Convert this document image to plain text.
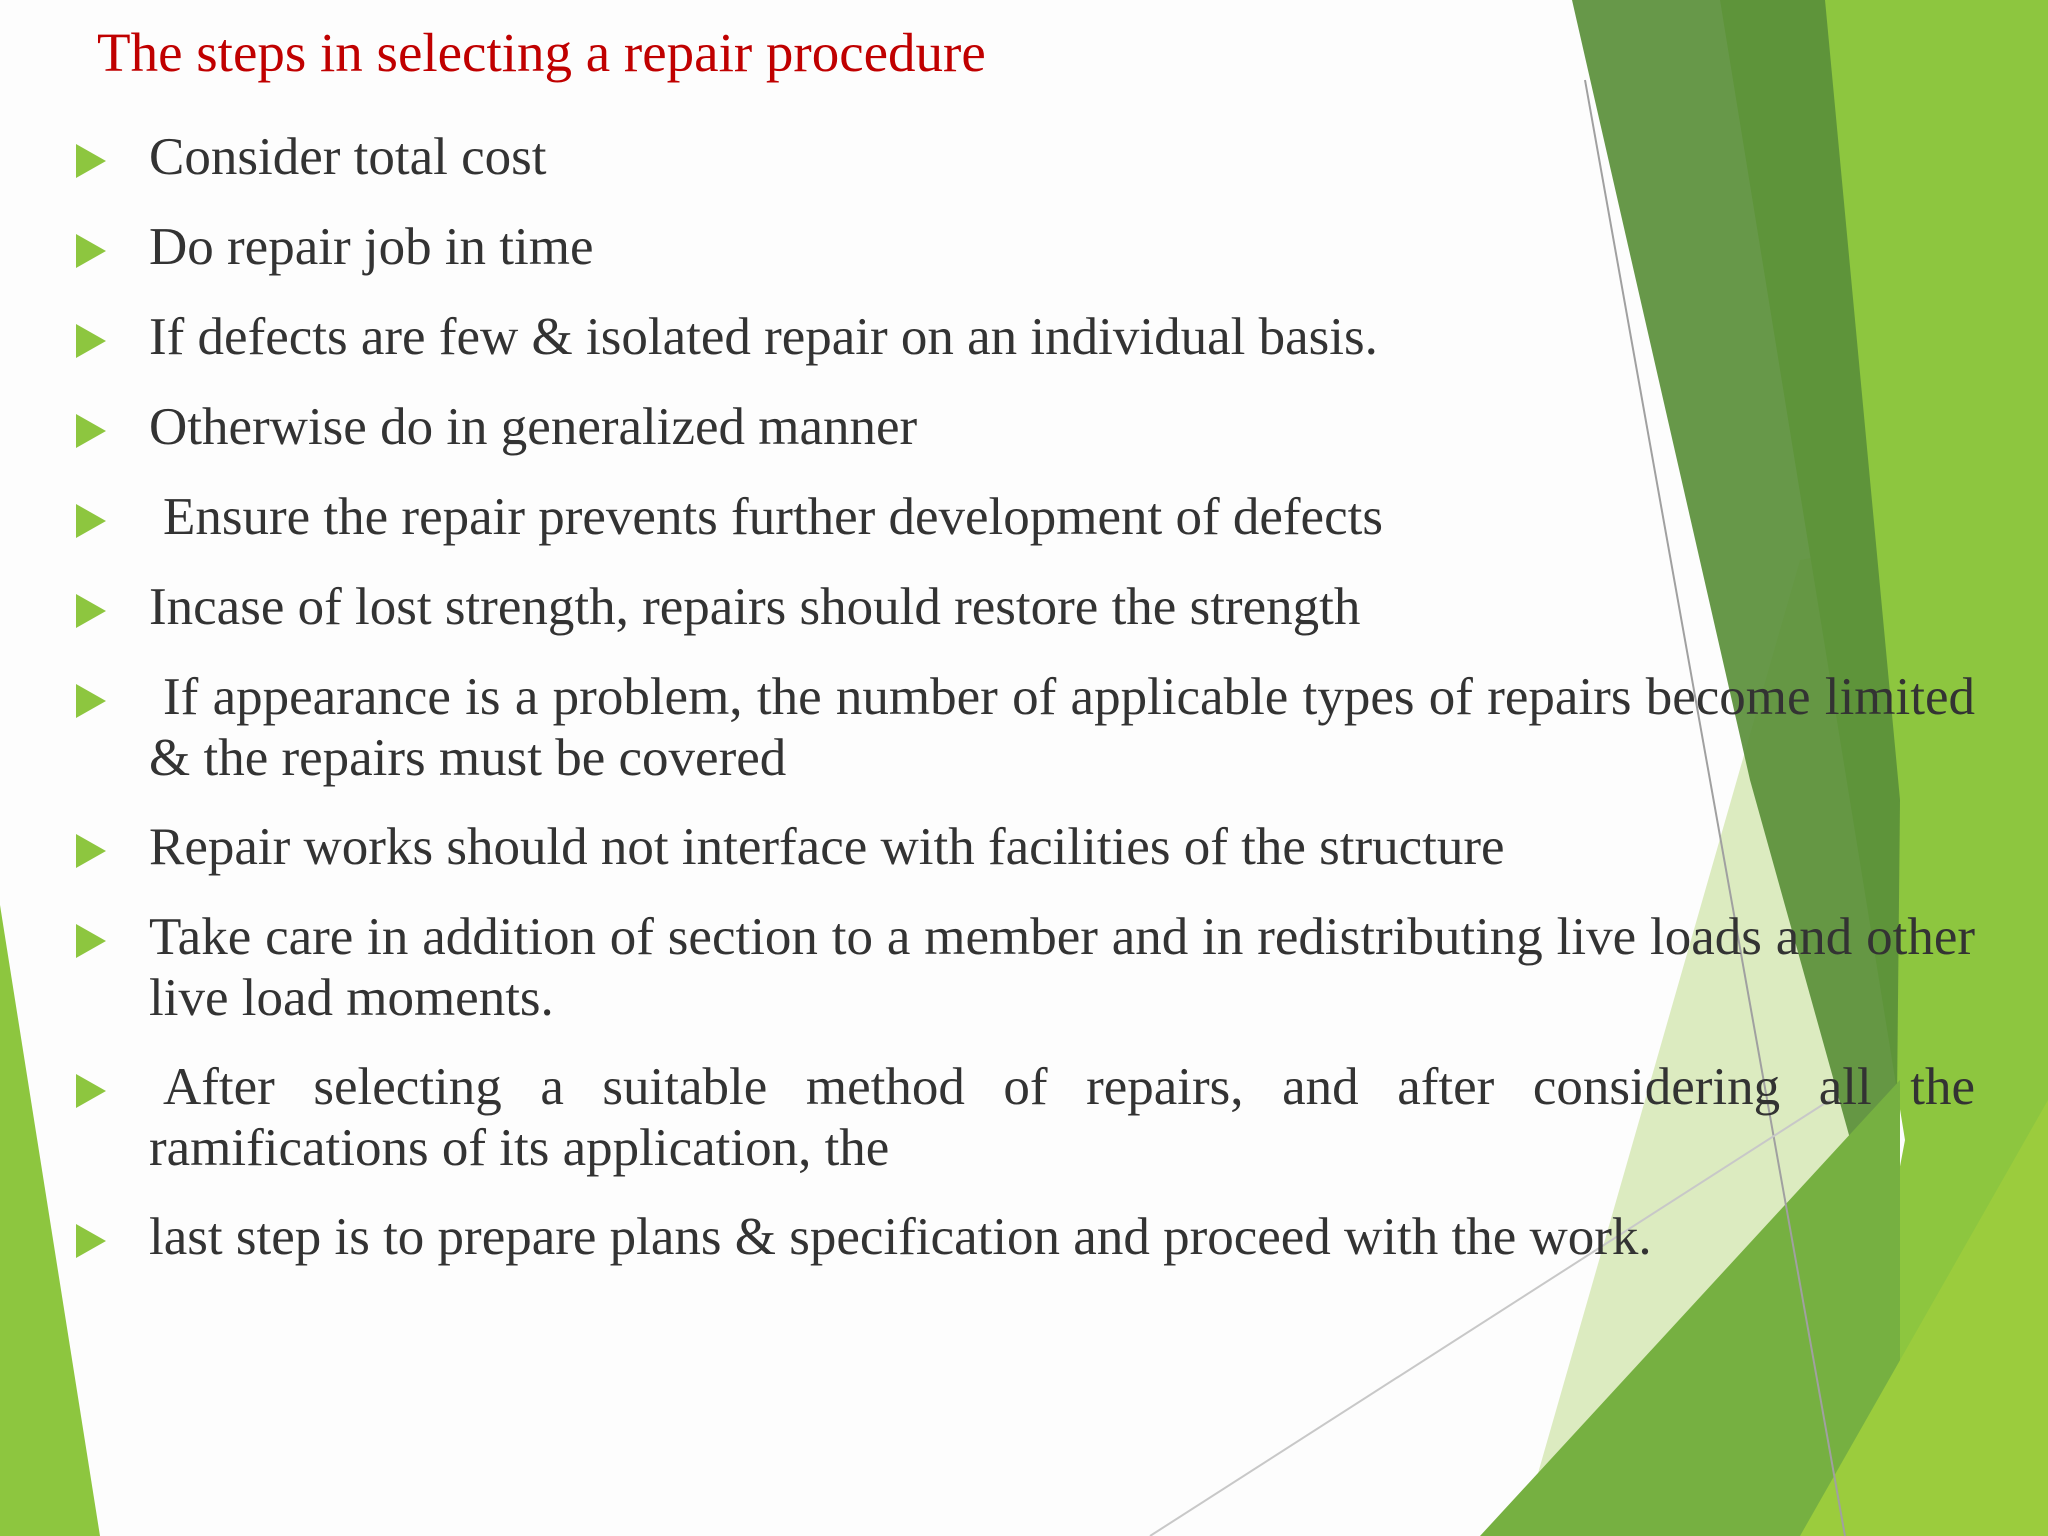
The steps in selecting a repair procedure
Consider total cost
Do repair job in time
If defects are few & isolated repair on an individual basis.
Otherwise do in generalized manner
Ensure the repair prevents further development of defects
Incase of lost strength, repairs should restore the strength
If appearance is a problem, the number of applicable types of repairs become limited & the repairs must be covered
Repair works should not interface with facilities of the structure
Take care in addition of section to a member and in redistributing live loads and other live load moments.
After selecting a suitable method of repairs, and after considering all the ramifications of its application, the
last step is to prepare plans & specification and proceed with the work.
